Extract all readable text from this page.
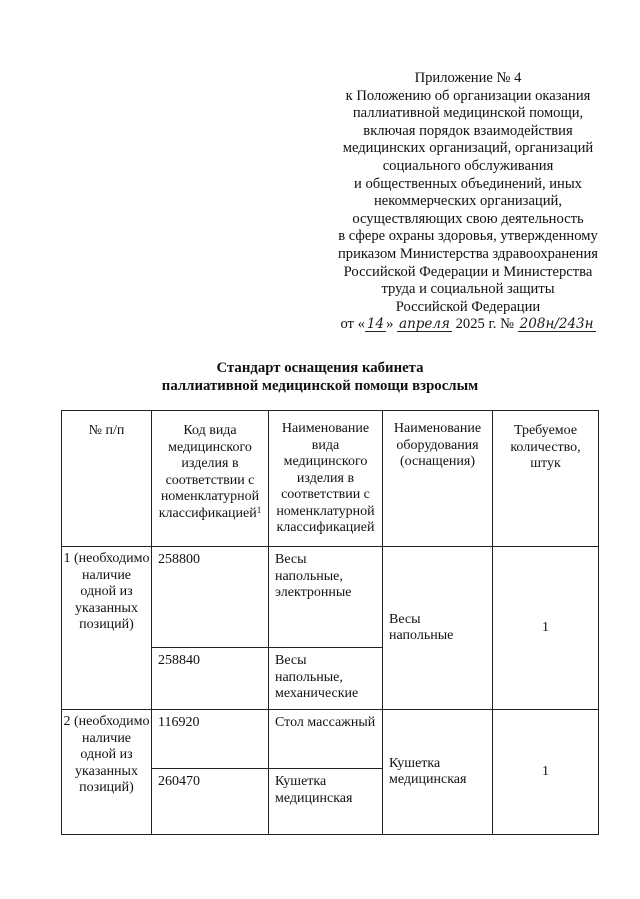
Приложение № 4
к Положению об организации оказания
паллиативной медицинской помощи,
включая порядок взаимодействия
медицинских организаций, организаций
социального обслуживания
и общественных объединений, иных
некоммерческих организаций,
осуществляющих свою деятельность
в сфере охраны здоровья, утвержденному
приказом Министерства здравоохранения
Российской Федерации и Министерства
труда и социальной защиты
Российской Федерации
от « 14 » апреля 2025 г. № 208н/243н
Стандарт оснащения кабинета
паллиативной медицинской помощи взрослым
№ п/п	Код вида медицинского изделия в соответствии с номенклатурной классификацией$^1$	Наименование вида медицинского изделия в соответствии с номенклатурной классификацией	Наименование оборудования (оснащения)	Требуемое количество, штук

1 (необходимо наличие одной из указанных позиций)	258800	Весы напольные, электронные	Весы напольные	1

	258840	Весы напольные, механические		

2 (необходимо наличие одной из указанных позиций)	116920	Стол массажный	Кушетка медицинская	1

	260470	Кушетка медицинская		
